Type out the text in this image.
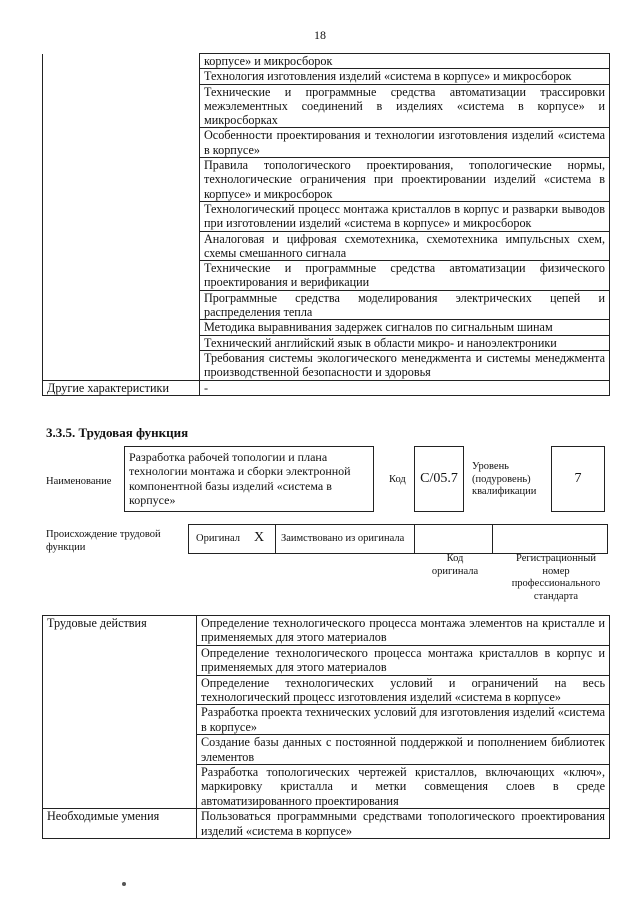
18
	корпусе» и микросборок
	Технология изготовления изделий «система в корпусе» и микросборок
	Технические и программные средства автоматизации трассировки межэлементных соединений в изделиях «система в корпусе» и микросборках
	Особенности проектирования и технологии изготовления изделий «система в корпусе»
	Правила топологического проектирования, топологические нормы, технологические ограничения при проектировании изделий «система в корпусе» и микросборок
	Технологический процесс монтажа кристаллов в корпус и разварки выводов при изготовлении изделий «система в корпусе» и микросборок
	Аналоговая и цифровая схемотехника, схемотехника импульсных схем, схемы смешанного сигнала
	Технические и программные средства автоматизации физического проектирования и верификации
	Программные средства моделирования электрических цепей и распределения тепла
	Методика выравнивания задержек сигналов по сигнальным шинам
	Технический английский язык в области микро- и наноэлектроники
	Требования системы экологического менеджмента и системы менеджмента производственной безопасности и здоровья
Другие характеристики	-
3.3.5. Трудовая функция
Наименование
Разработка рабочей топологии и плана технологии монтажа и сборки электронной компонентной базы изделий «система в корпусе»
Код	C/05.7
Уровень (подуровень) квалификации
7
Происхождение трудовой функции
Оригинал X Заимствовано из оригинала
Код оригинала
Регистрационный номер профессионального стандарта
Трудовые действия	Определение технологического процесса монтажа элементов на кристалле и применяемых для этого материалов
	Определение технологического процесса монтажа кристаллов в корпус и применяемых для этого материалов
	Определение технологических условий и ограничений на весь технологический процесс изготовления изделий «система в корпусе»
	Разработка проекта технических условий для изготовления изделий «система в корпусе»
	Создание базы данных с постоянной поддержкой и пополнением библиотек элементов
	Разработка топологических чертежей кристаллов, включающих «ключ», маркировку кристалла и метки совмещения слоев в среде автоматизированного проектирования
Необходимые умения	Пользоваться программными средствами топологического проектирования изделий «система в корпусе»
